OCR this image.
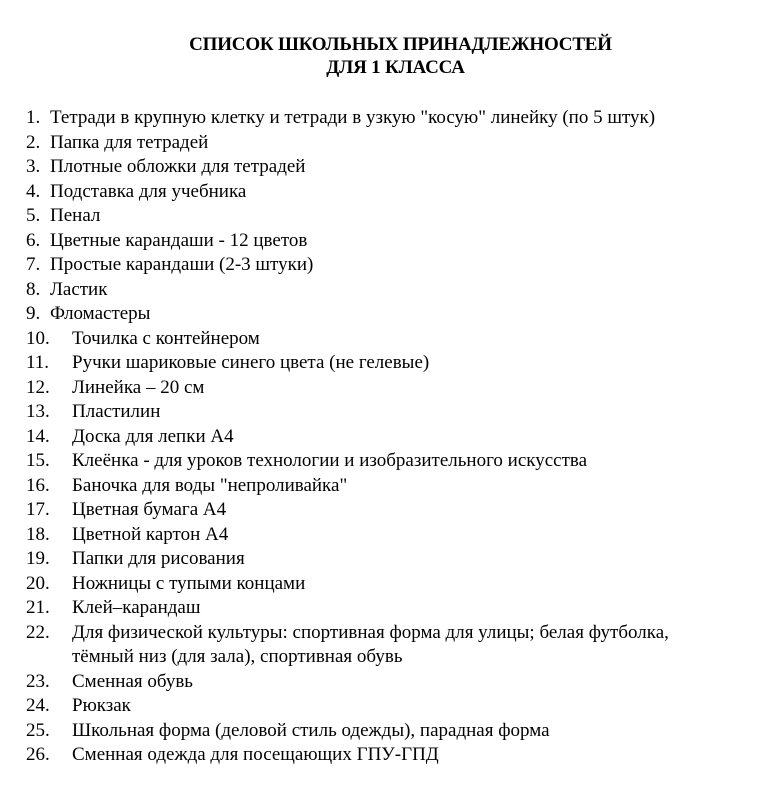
СПИСОК ШКОЛЬНЫХ ПРИНАДЛЕЖНОСТЕЙ
ДЛЯ 1 КЛАССА
1. Тетради в крупную клетку и тетради в узкую "косую" линейку (по 5 штук)
2. Папка для тетрадей
3. Плотные обложки для тетрадей
4. Подставка для учебника
5. Пенал
6. Цветные карандаши - 12 цветов
7. Простые карандаши (2-3 штуки)
8. Ластик
9. Фломастеры
10. Точилка с контейнером
11. Ручки шариковые синего цвета (не гелевые)
12. Линейка – 20 см
13. Пластилин
14. Доска для лепки А4
15. Клеёнка - для уроков технологии и изобразительного искусства
16. Баночка для воды "непроливайка"
17. Цветная бумага А4
18. Цветной картон А4
19. Папки для рисования
20. Ножницы с тупыми концами
21. Клей–карандаш
22. Для физической культуры: спортивная форма для улицы; белая футболка, тёмный низ (для зала), спортивная обувь
23. Сменная обувь
24. Рюкзак
25. Школьная форма (деловой стиль одежды), парадная форма
26. Сменная одежда для посещающих ГПУ-ГПД
